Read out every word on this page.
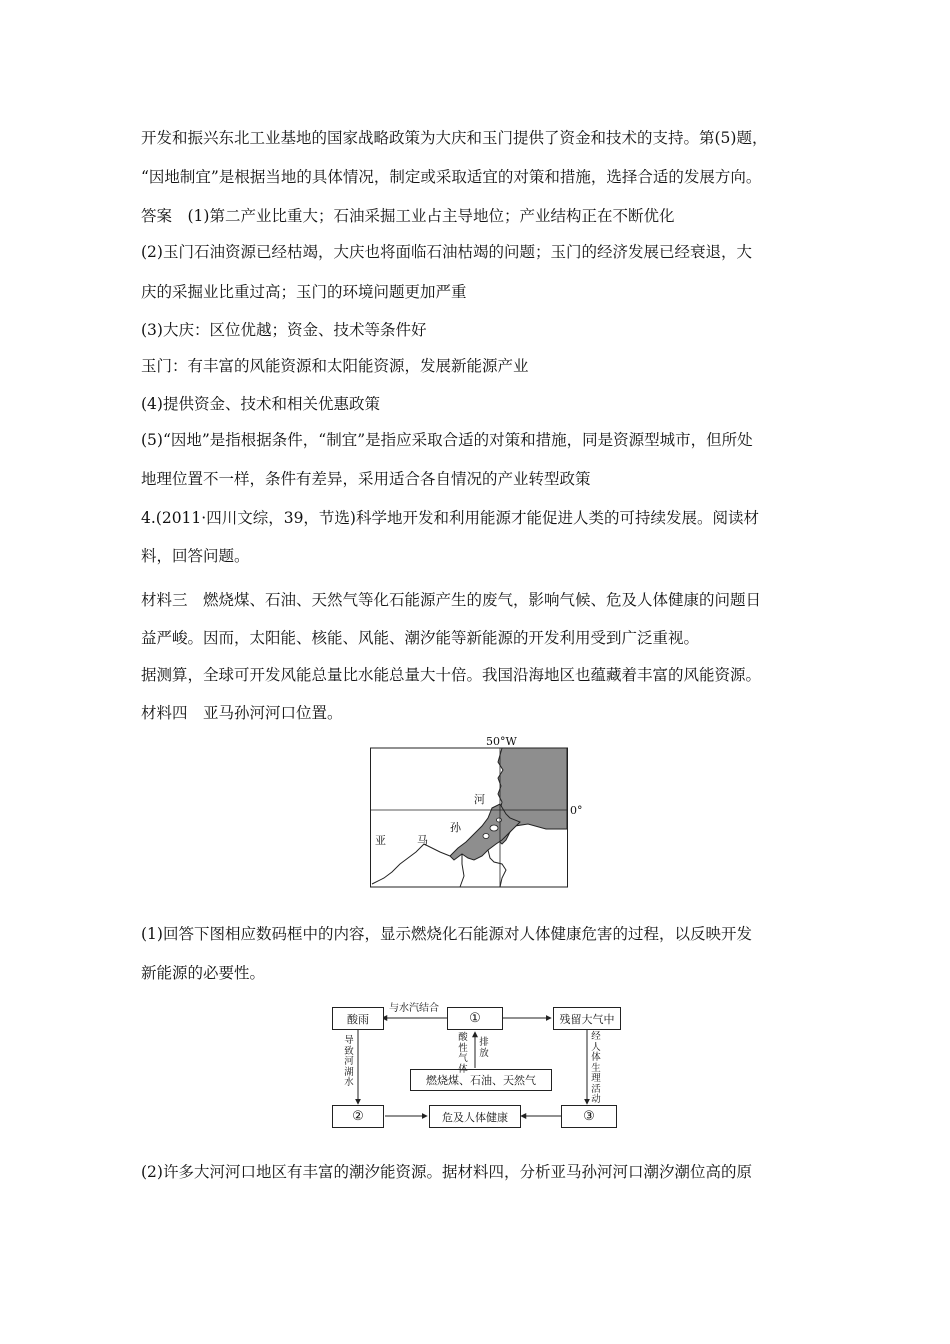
开发和振兴东北工业基地的国家战略政策为大庆和玉门提供了资金和技术的支持。第(5)题，
“因地制宜”是根据当地的具体情况，制定或采取适宜的对策和措施，选择合适的发展方向。
答案　(1)第二产业比重大；石油采掘工业占主导地位；产业结构正在不断优化
(2)玉门石油资源已经枯竭，大庆也将面临石油枯竭的问题；玉门的经济发展已经衰退，大
庆的采掘业比重过高；玉门的环境问题更加严重
(3)大庆：区位优越；资金、技术等条件好
玉门：有丰富的风能资源和太阳能资源，发展新能源产业
(4)提供资金、技术和相关优惠政策
(5)“因地”是指根据条件，“制宜”是指应采取合适的对策和措施，同是资源型城市，但所处
地理位置不一样，条件有差异，采用适合各自情况的产业转型政策
4.(2011·四川文综，39，节选)科学地开发和利用能源才能促进人类的可持续发展。阅读材
料，回答问题。
材料三　燃烧煤、石油、天然气等化石能源产生的废气，影响气候、危及人体健康的问题日
益严峻。因而，太阳能、核能、风能、潮汐能等新能源的开发利用受到广泛重视。
据测算，全球可开发风能总量比水能总量大十倍。我国沿海地区也蕴藏着丰富的风能资源。
材料四　亚马孙河河口位置。
50°W
0°
亚	马
孙
河
(1)回答下图相应数码框中的内容，显示燃烧化石能源对人体健康危害的过程，以反映开发
新能源的必要性。
酸雨	①	残留大气中
燃烧煤、石油、天然气
②	危及人体健康	③
与水汽结合
酸性气体
排放
导致河湖水
经人体生理活动
(2)许多大河河口地区有丰富的潮汐能资源。据材料四，分析亚马孙河河口潮汐潮位高的原
